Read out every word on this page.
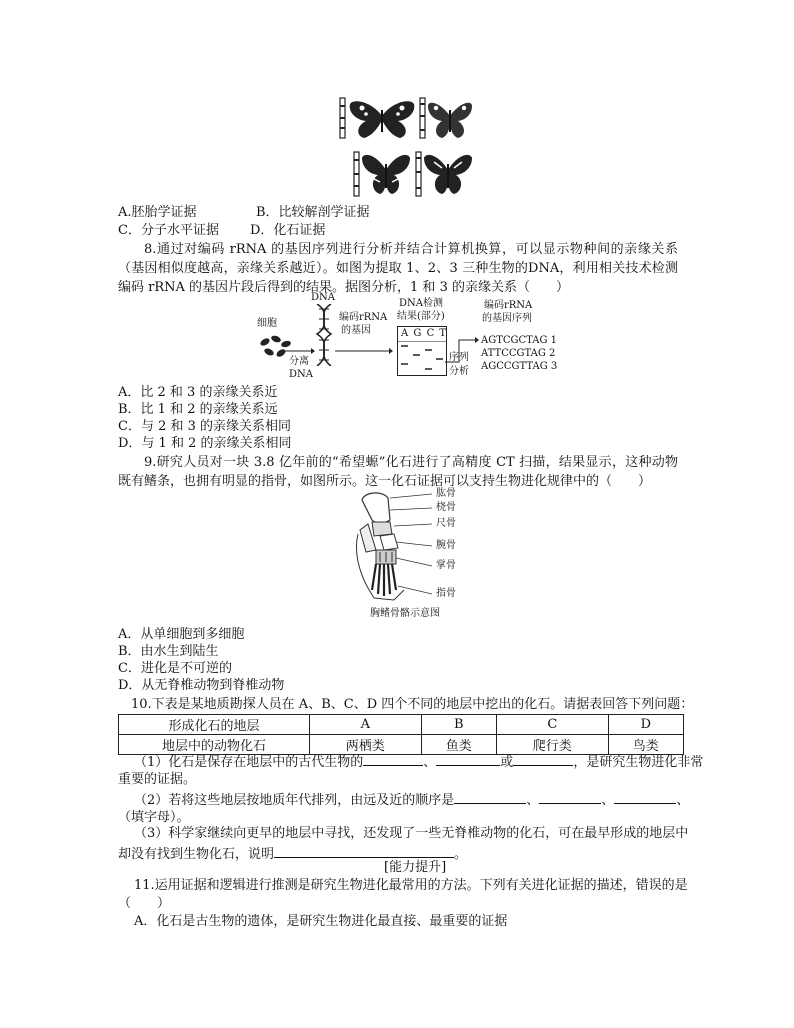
A.胚胎学证据	B．比较解剖学证据
C．分子水平证据 D．化石证据
8.通过对编码 rRNA 的基因序列进行分析并结合计算机换算，可以显示物种间的亲缘关系（基因相似度越高，亲缘关系越近）。如图为提取 1、2、3 三种生物的DNA，利用相关技术检测编码 rRNA 的基因片段后得到的结果。据图分析，1 和 3 的亲缘关系（　　）
细胞
DNA
分离
DNA
编码rRNA
的基因
DNA检测
结果(部分)
A G C T
序列
分析
编码rRNA
的基因序列
AGTCGCTAG 1
ATTCCGTAG 2
AGCCGTTAG 3
A．比 2 和 3 的亲缘关系近
B．比 1 和 2 的亲缘关系远
C．与 2 和 3 的亲缘关系相同
D．与 1 和 2 的亲缘关系相同
9.研究人员对一块 3.8 亿年前的“希望螈”化石进行了高精度 CT 扫描，结果显示，这种动物既有鳍条，也拥有明显的指骨，如图所示。这一化石证据可以支持生物进化规律中的（　　）
肱骨
桡骨
尺骨
腕骨
掌骨
指骨
胸鳍骨骼示意图
A．从单细胞到多细胞
B．由水生到陆生
C．进化是不可逆的
D．从无脊椎动物到脊椎动物
10.下表是某地质勘探人员在 A、B、C、D 四个不同的地层中挖出的化石。请据表回答下列问题：
形成化石的地层	A	B	C	D
地层中的动物化石	两栖类	鱼类	爬行类	鸟类
（1）化石是保存在地层中的古代生物的	、	或	，是研究生物进化非常
重要的证据。
（2）若将这些地层按地质年代排列，由远及近的顺序是	、	、	、
（填字母）。
（3）科学家继续向更早的地层中寻找，还发现了一些无脊椎动物的化石，可在最早形成的地层中
却没有找到生物化石，说明	。
[能力提升]
11.运用证据和逻辑进行推测是研究生物进化最常用的方法。下列有关进化证据的描述，错误的是
（　　）
A．化石是古生物的遗体，是研究生物进化最直接、最重要的证据
